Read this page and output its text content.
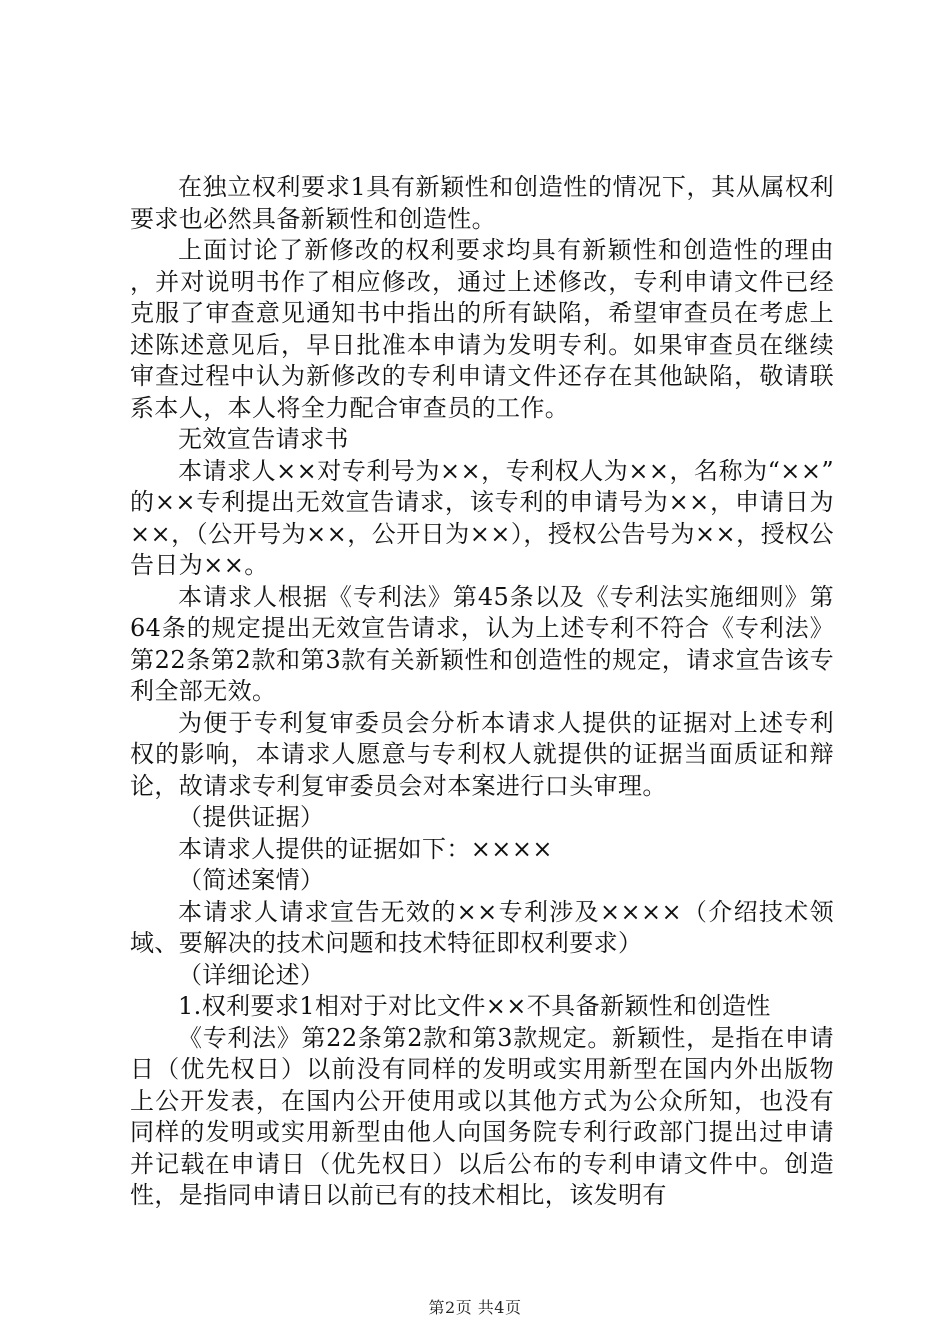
在独立权利要求1具有新颖性和创造性的情况下，其从属权利要求也必然具备新颖性和创造性。

上面讨论了新修改的权利要求均具有新颖性和创造性的理由，并对说明书作了相应修改，通过上述修改，专利申请文件已经克服了审查意见通知书中指出的所有缺陷，希望审查员在考虑上述陈述意见后，早日批准本申请为发明专利。如果审查员在继续审查过程中认为新修改的专利申请文件还存在其他缺陷，敬请联系本人，本人将全力配合审查员的工作。

无效宣告请求书

本请求人××对专利号为××，专利权人为××，名称为“××”的××专利提出无效宣告请求，该专利的申请号为××，申请日为××，（公开号为××，公开日为××），授权公告号为××，授权公告日为××。

本请求人根据《专利法》第45条以及《专利法实施细则》第64条的规定提出无效宣告请求，认为上述专利不符合《专利法》第22条第2款和第3款有关新颖性和创造性的规定，请求宣告该专利全部无效。

为便于专利复审委员会分析本请求人提供的证据对上述专利权的影响，本请求人愿意与专利权人就提供的证据当面质证和辩论，故请求专利复审委员会对本案进行口头审理。

（提供证据）

本请求人提供的证据如下：××××

（简述案情）

本请求人请求宣告无效的××专利涉及××××（介绍技术领域、要解决的技术问题和技术特征即权利要求）

（详细论述）

1.权利要求1相对于对比文件××不具备新颖性和创造性

《专利法》第22条第2款和第3款规定。新颖性，是指在申请日（优先权日）以前没有同样的发明或实用新型在国内外出版物上公开发表，在国内公开使用或以其他方式为公众所知，也没有同样的发明或实用新型由他人向国务院专利行政部门提出过申请并记载在申请日（优先权日）以后公布的专利申请文件中。创造性，是指同申请日以前已有的技术相比，该发明有

第2页 共4页
